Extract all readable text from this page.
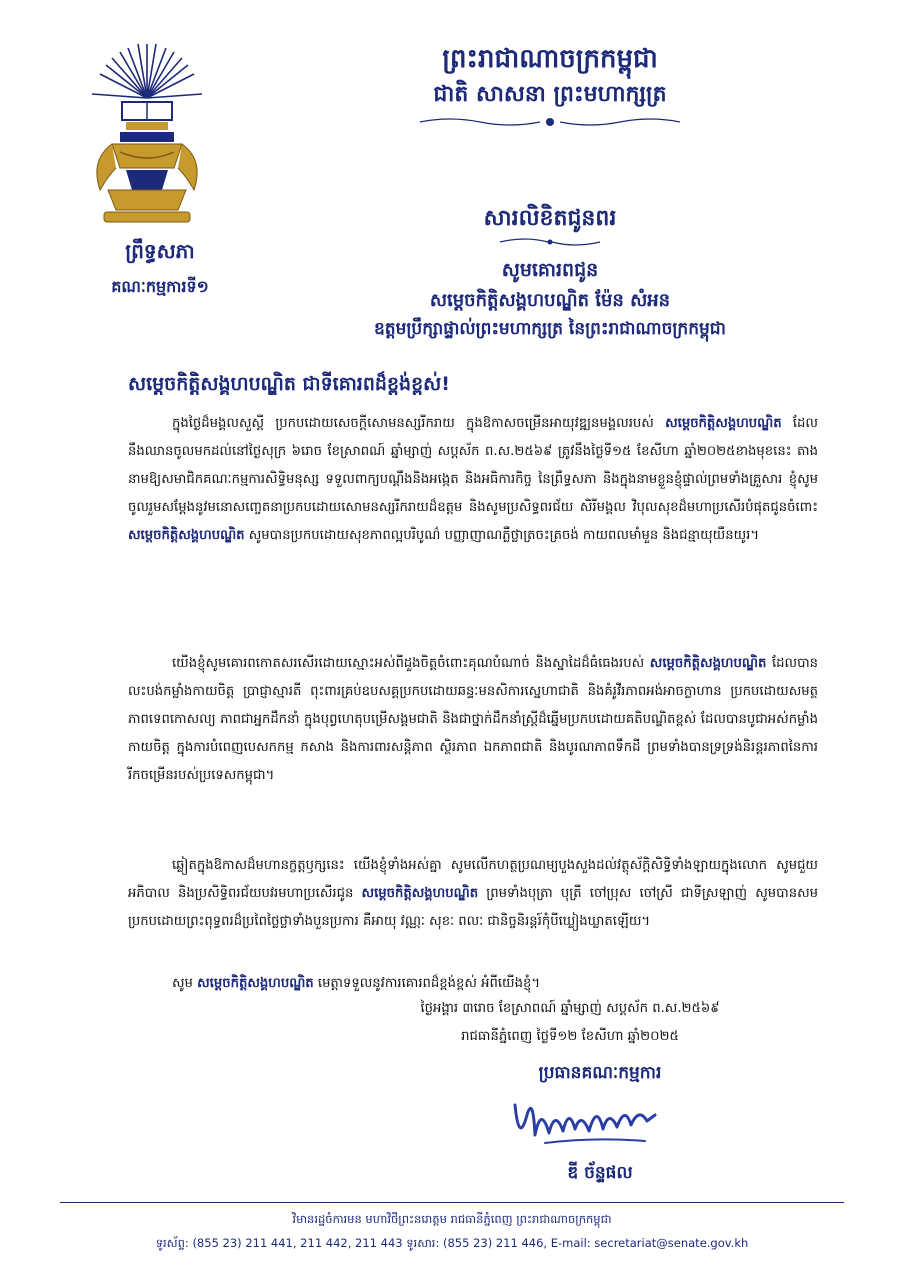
ព្រះរាជាណាចក្រកម្ពុជា
ជាតិ សាសនា ព្រះមហាក្សត្រ
ព្រឹទ្ធសភា
គណៈកម្មការទី១
សារលិខិតជូនពរ
សូមគោរពជូន
សម្ដេចកិត្តិសង្គហបណ្ឌិត ម៉ែន សំអន
ឧត្តមប្រឹក្សាផ្ទាល់ព្រះមហាក្សត្រ នៃព្រះរាជាណាចក្រកម្ពុជា
សម្ដេចកិត្តិសង្គហបណ្ឌិត ជាទីគោរពដ៏ខ្ពង់ខ្ពស់!

ក្នុងថ្ងៃដ៏មង្គលសួស្ដី ប្រកបដោយសេចក្ដីសោមនស្សរីករាយ ក្នុងឱកាសចម្រើនអាយុវឌ្ឍនមង្គលរបស់ សម្ដេចកិត្តិសង្គហបណ្ឌិត ដែលនឹងឈានចូលមកដល់នៅថ្ងៃសុក្រ ៦រោច ខែស្រាពណ៍ ឆ្នាំម្សាញ់ សប្ដស័ក ព.ស.២៥៦៩ ត្រូវនឹងថ្ងៃទី១៥ ខែសីហា ឆ្នាំ២០២៥ខាងមុខនេះ តាងនាមឱ្យសមាជិកគណៈកម្មការសិទ្ធិមនុស្ស ទទួលពាក្យបណ្ដឹងនិងអង្កេត និងអធិការកិច្ច នៃព្រឹទ្ធសភា និងក្នុងនាមខ្លួនខ្ញុំផ្ទាល់ព្រមទាំងគ្រួសារ ខ្ញុំសូមចូលរួមសម្ដែងនូវមនោសញ្ចេតនាប្រកបដោយសោមនស្សរីករាយដ៏ឧត្ដម និងសូមប្រសិទ្ធពរជ័យ សិរីមង្គល វិបុលសុខដ៏មហាប្រសើរបំផុតជូនចំពោះ សម្ដេចកិត្តិសង្គហបណ្ឌិត សូមបានប្រកបដោយសុខភាពល្អបរិបូណ៌ បញ្ញាញាណភ្លឺថ្លាត្រចះត្រចង់ កាយពលមាំមួន និងជន្មាយុយឺនយូរ។

យើងខ្ញុំសូមគោរពកោតសរសើរដោយស្មោះអស់ពីដួងចិត្តចំពោះគុណបំណាច់ និងស្នាដៃដ៏ធំធេងរបស់ សម្ដេចកិត្តិសង្គហបណ្ឌិត ដែលបានលះបង់កម្លាំងកាយចិត្ត ប្រាជ្ញាស្មារតី ពុះពារគ្រប់ឧបសគ្គប្រកបដោយឆន្ទៈមនសិការស្នេហាជាតិ និងគំរូវីរភាពអង់អាចក្លាហាន ប្រកបដោយសមត្ថភាពទេពកោសល្យ ភាពជាអ្នកដឹកនាំ ក្នុងបុព្វហេតុបម្រើសង្គមជាតិ និងជាថ្នាក់ដឹកនាំស្ត្រីដ៏ឆ្នើមប្រកបដោយគតិបណ្ឌិតខ្ពស់ ដែលបានបូជាអស់កម្លាំងកាយចិត្ត ក្នុងការបំពេញបេសកកម្ម កសាង និងការពារសន្តិភាព ស្ថិរភាព ឯកភាពជាតិ និងបូរណភាពទឹកដី ព្រមទាំងបានទ្រទ្រង់និរន្តរភាពនៃការរីកចម្រើនរបស់ប្រទេសកម្ពុជា។

ឆ្លៀតក្នុងឱកាសដ៏មហានក្ខត្តឫក្សនេះ យើងខ្ញុំទាំងអស់គ្នា សូមលើកហត្ថប្រណម្យបួងសួងដល់វត្ថុស័ក្តិសិទ្ធិទាំងឡាយក្នុងលោក សូមជួយអភិបាល និងប្រសិទ្ធិពរជ័យបវរមហាប្រសើរជូន សម្ដេចកិត្តិសង្គហបណ្ឌិត ព្រមទាំងបុត្រា បុត្រី ចៅប្រុស ចៅស្រី ជាទីស្រឡាញ់ សូមបានសមប្រកបដោយព្រះពុទ្ធពរដ៏ប្រពៃថ្លៃថ្លាទាំងបួនប្រការ គឺអាយុ វណ្ណៈ សុខៈ ពលៈ ជានិច្ចនិរន្តរ៍កុំបីឃ្លៀងឃ្លាតឡើយ។

សូម សម្ដេចកិត្តិសង្គហបណ្ឌិត មេត្តាទទួលនូវការគោរពដ៏ខ្ពង់ខ្ពស់ អំពីយើងខ្ញុំ។
ថ្ងៃអង្គារ ៣រោច ខែស្រាពណ៍ ឆ្នាំម្សាញ់ សប្ដស័ក ព.ស.២៥៦៩
រាជធានីភ្នំពេញ ថ្ងៃទី១២ ខែសីហា ឆ្នាំ២០២៥
ប្រធានគណៈកម្មការ
ឌី ច័ន្ទផល
វិមានរដ្ឋចំការមន មហាវិថីព្រះនរោត្តម រាជធានីភ្នំពេញ ព្រះរាជាណាចក្រកម្ពុជា
ទូរស័ព្ទ: (855 23) 211 441, 211 442, 211 443 ទូរសារ: (855 23) 211 446, E-mail: secretariat@senate.gov.kh
